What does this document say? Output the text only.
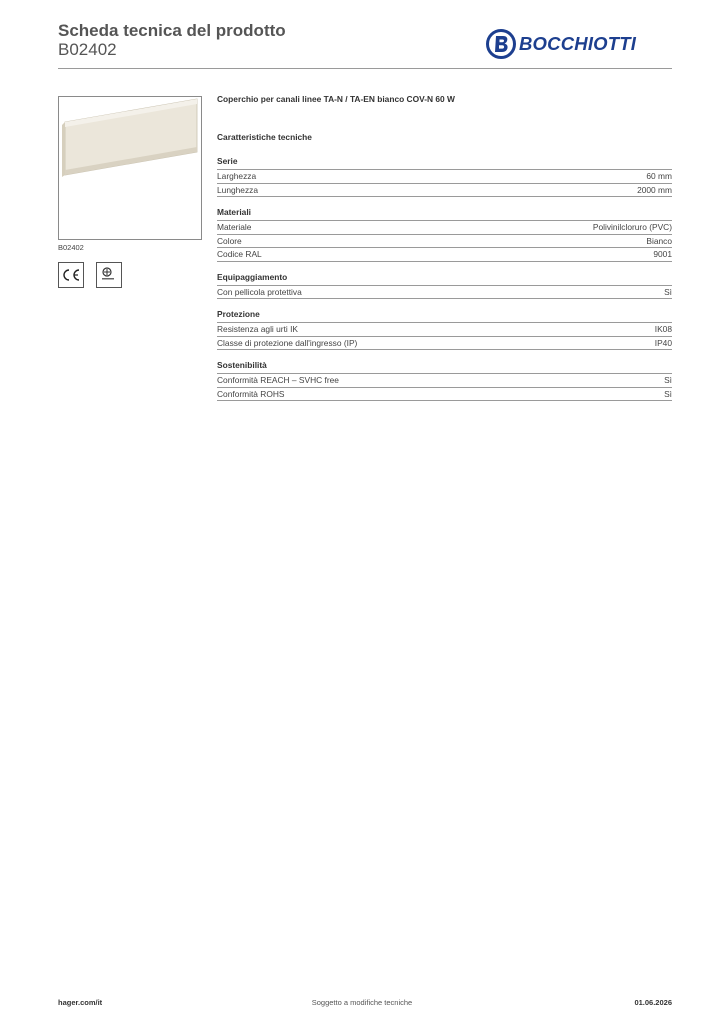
Scheda tecnica del prodotto
B02402	BOCCHIOTTI
B02402
Coperchio per canali linee TA-N / TA-EN bianco COV-N 60 W
Caratteristiche tecniche
Serie
Larghezza	60 mm
Lunghezza	2000 mm
Materiali
Materiale	Polivinilcloruro (PVC)
Colore	Bianco
Codice RAL	9001
Equipaggiamento
Con pellicola protettiva	Sì
Protezione
Resistenza agli urti IK	IK08
Classe di protezione dall'ingresso (IP)	IP40
Sostenibilità
Conformità REACH – SVHC free	Sì
Conformità ROHS	Sì
hager.com/it	Soggetto a modifiche tecniche	01.06.2026
